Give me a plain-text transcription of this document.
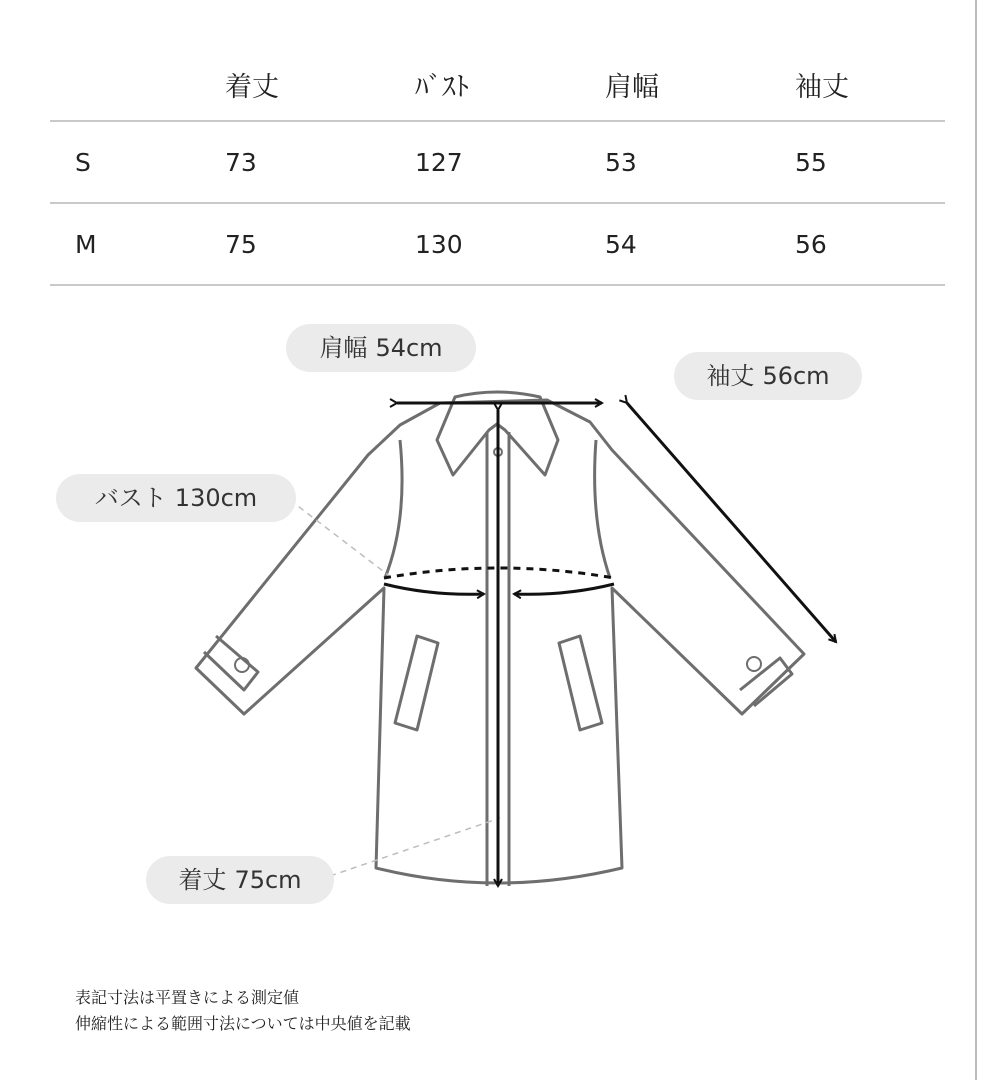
	着丈	ﾊﾞｽﾄ	肩幅	袖丈
S	73	127	53	55
M	75	130	54	56
肩幅 54cm
袖丈 56cm
バスト 130cm
着丈 75cm
表記寸法は平置きによる測定値
伸縮性による範囲寸法については中央値を記載
